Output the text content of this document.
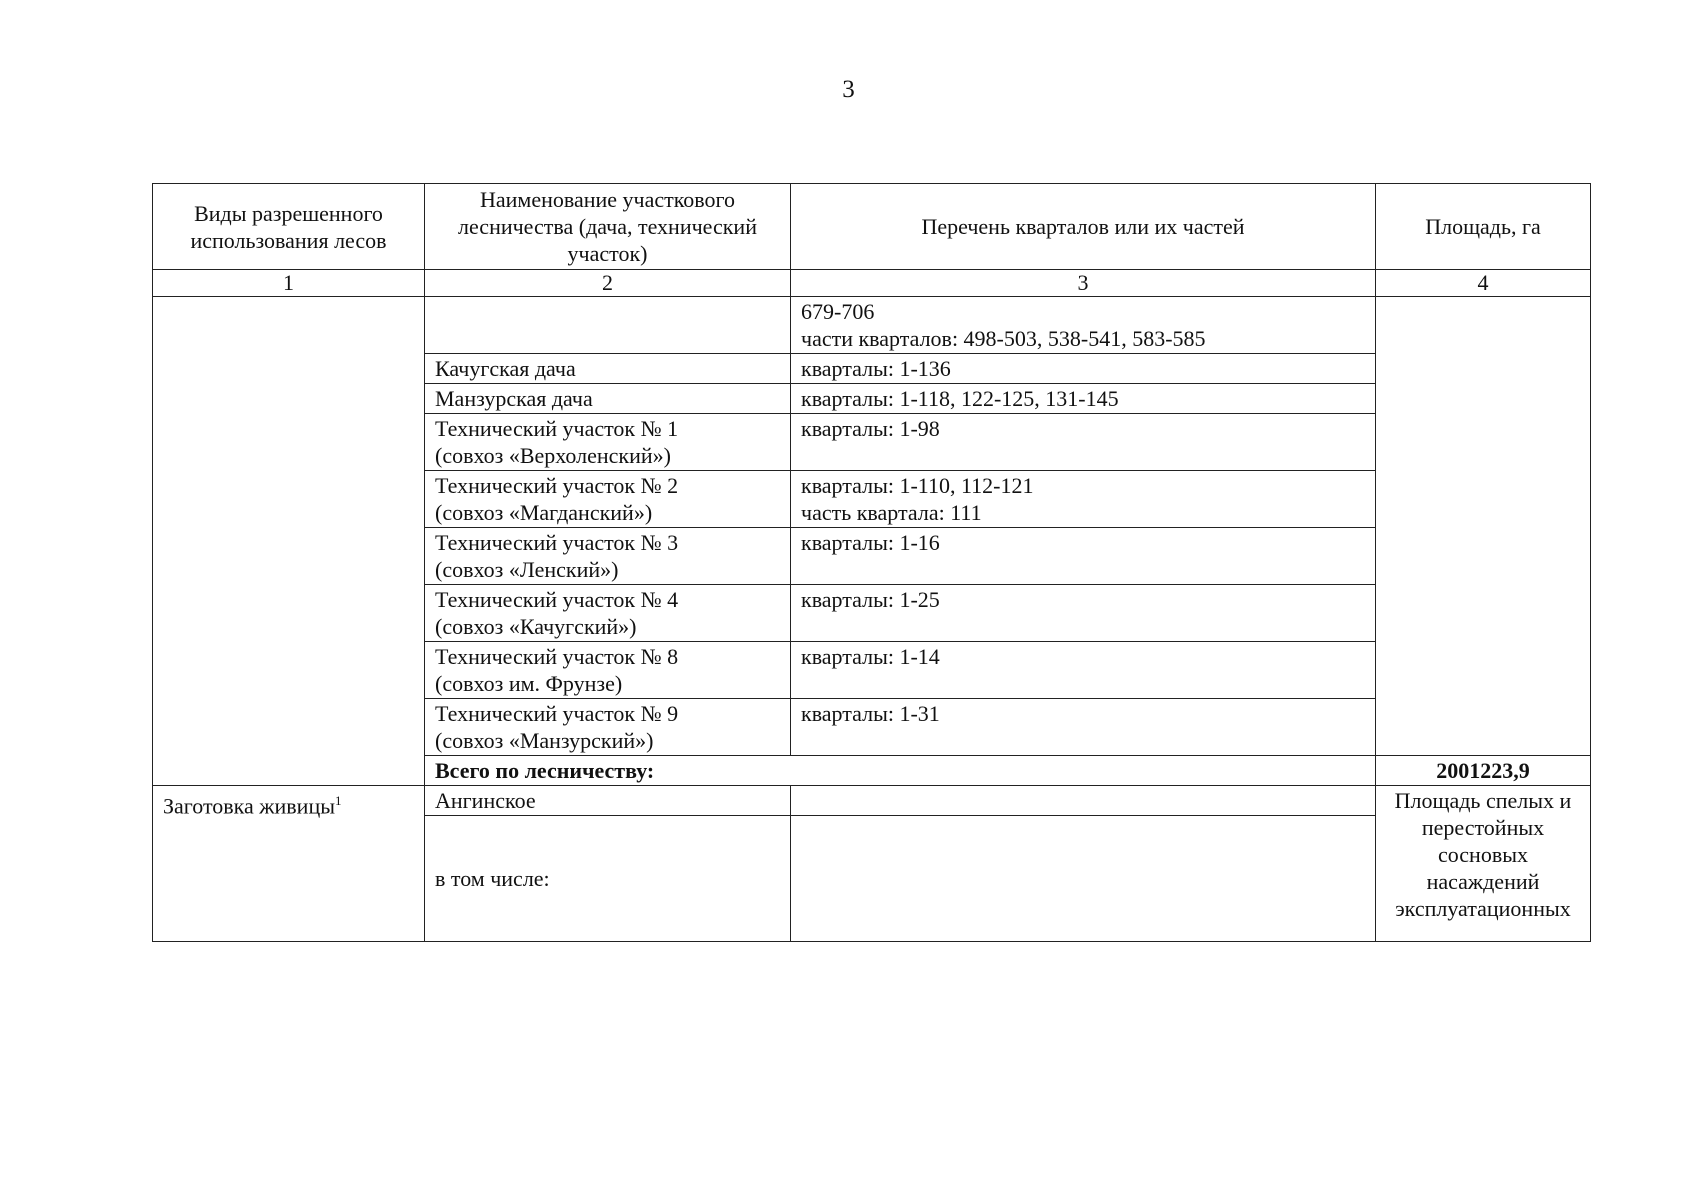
3
Виды разрешенного использования лесов	Наименование участкового лесничества (дача, технический участок)	Перечень кварталов или их частей	Площадь, га
1	2	3	4

		679-706
части кварталов: 498-503, 538-541, 583-585	

	Качугская дача	кварталы: 1-136	

	Манзурская дача	кварталы: 1-118, 122-125, 131-145	

	Технический участок № 1
(совхоз «Верхоленский»)	кварталы: 1-98	

	Технический участок № 2
(совхоз «Магданский»)	кварталы: 1-110, 112-121
часть квартала: 111	

	Технический участок № 3
(совхоз «Ленский»)	кварталы: 1-16	

	Технический участок № 4
(совхоз «Качугский»)	кварталы: 1-25	

	Технический участок № 8
(совхоз им. Фрунзе)	кварталы: 1-14	

	Технический участок № 9
(совхоз «Манзурский»)	кварталы: 1-31	

	Всего по лесничеству:		2001223,9
Заготовка живицы$^1$	Ангинское		Площадь спелых и
перестойных
сосновых
насаждений
эксплуатационных

	в том числе:		
